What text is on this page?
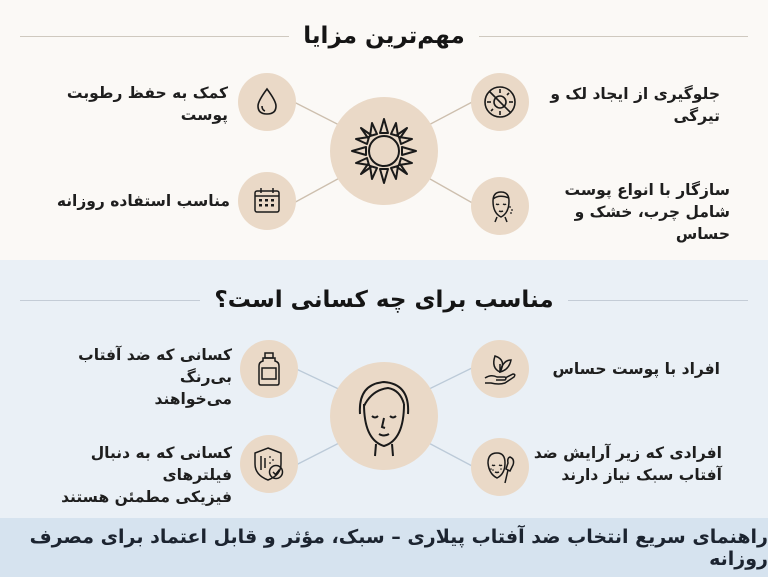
مهم‌ترین مزایا
جلوگیری از ایجاد لک و
تیرگی
سازگار با انواع پوست
شامل چرب، خشک و حساس
کمک به حفظ رطوبت
پوست
مناسب استفاده روزانه
مناسب برای چه کسانی است؟
افراد با پوست حساس
افرادی که زیر آرایش ضد
آفتاب سبک نیاز دارند
کسانی که ضد آفتاب بی‌رنگ
می‌خواهند
کسانی که به دنبال فیلترهای
فیزیکی مطمئن هستند
راهنمای سریع انتخاب ضد آفتاب پیلاری – سبک، مؤثر و قابل اعتماد برای مصرف روزانه
